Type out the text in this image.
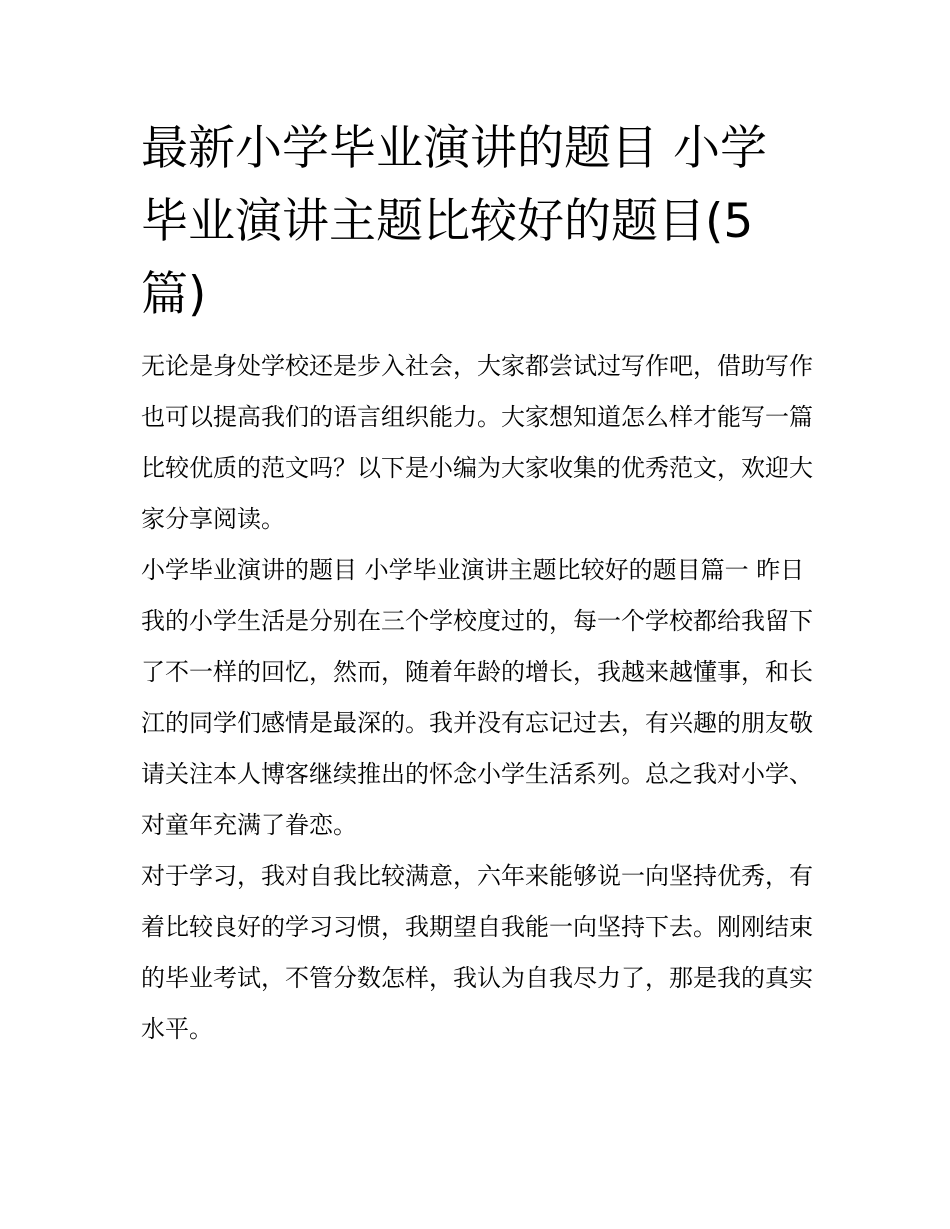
最新小学毕业演讲的题目 小学毕业演讲主题比较好的题目(5篇)

无论是身处学校还是步入社会，大家都尝试过写作吧，借助写作也可以提高我们的语言组织能力。大家想知道怎么样才能写一篇比较优质的范文吗？以下是小编为大家收集的优秀范文，欢迎大家分享阅读。

小学毕业演讲的题目 小学毕业演讲主题比较好的题目篇一 昨日

我的小学生活是分别在三个学校度过的，每一个学校都给我留下了不一样的回忆，然而，随着年龄的增长，我越来越懂事，和长江的同学们感情是最深的。我并没有忘记过去，有兴趣的朋友敬请关注本人博客继续推出的怀念小学生活系列。总之我对小学、对童年充满了眷恋。

对于学习，我对自我比较满意，六年来能够说一向坚持优秀，有着比较良好的学习习惯，我期望自我能一向坚持下去。刚刚结束的毕业考试，不管分数怎样，我认为自我尽力了，那是我的真实水平。
